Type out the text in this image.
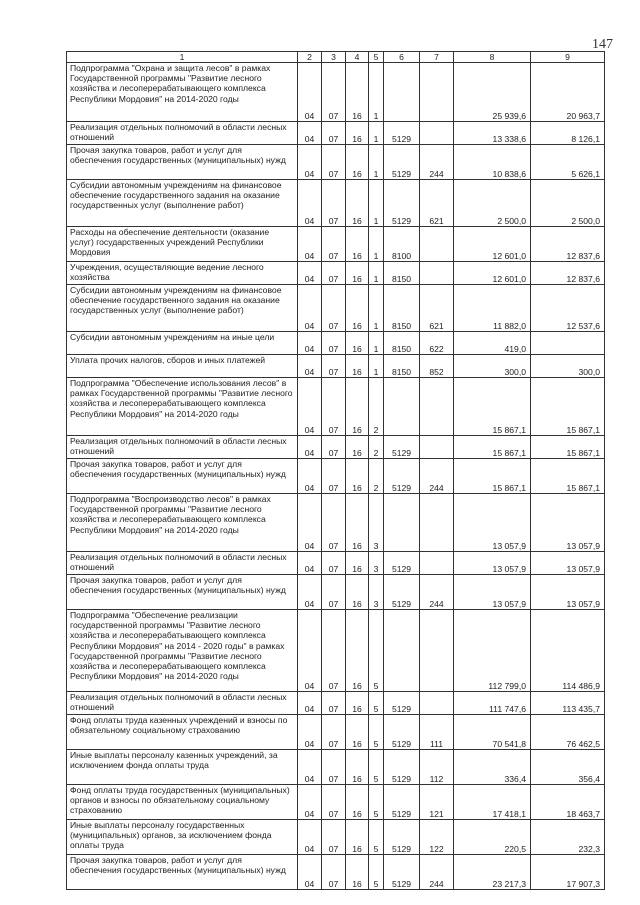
147
1	2	3	4	5	6	7	8	9
Подпрограмма "Охрана и защита лесов" в рамках Государственной программы "Развитие лесного хозяйства и лесоперерабатывающего комплекса Республики Мордовия" на 2014-2020 годы	04	07	16	1			25 939,6	20 963,7
Реализация отдельных полномочий в области лесных отношений	04	07	16	1	5129		13 338,6	8 126,1
Прочая закупка товаров, работ и услуг для обеспечения государственных (муниципальных) нужд	04	07	16	1	5129	244	10 838,6	5 626,1
Субсидии автономным учреждениям на финансовое обеспечение государственного задания на оказание государственных услуг (выполнение работ)	04	07	16	1	5129	621	2 500,0	2 500,0
Расходы на обеспечение деятельности (оказание услуг) государственных учреждений Республики Мордовия	04	07	16	1	8100		12 601,0	12 837,6
Учреждения, осуществляющие ведение лесного хозяйства	04	07	16	1	8150		12 601,0	12 837,6
Субсидии автономным учреждениям на финансовое обеспечение государственного задания на оказание государственных услуг (выполнение работ)	04	07	16	1	8150	621	11 882,0	12 537,6
Субсидии автономным учреждениям на иные цели	04	07	16	1	8150	622	419,0	
Уплата прочих налогов, сборов и иных платежей	04	07	16	1	8150	852	300,0	300,0
Подпрограмма "Обеспечение использования лесов" в рамках Государственной программы "Развитие лесного хозяйства и лесоперерабатывающего комплекса Республики Мордовия" на 2014-2020 годы	04	07	16	2			15 867,1	15 867,1
Реализация отдельных полномочий в области лесных отношений	04	07	16	2	5129		15 867,1	15 867,1
Прочая закупка товаров, работ и услуг для обеспечения государственных (муниципальных) нужд	04	07	16	2	5129	244	15 867,1	15 867,1
Подпрограмма "Воспроизводство лесов" в рамках Государственной программы "Развитие лесного хозяйства и лесоперерабатывающего комплекса Республики Мордовия" на 2014-2020 годы	04	07	16	3			13 057,9	13 057,9
Реализация отдельных полномочий в области лесных отношений	04	07	16	3	5129		13 057,9	13 057,9
Прочая закупка товаров, работ и услуг для обеспечения государственных (муниципальных) нужд	04	07	16	3	5129	244	13 057,9	13 057,9
Подпрограмма "Обеспечение реализации государственной программы "Развитие лесного хозяйства и лесоперерабатывающего комплекса Республики Мордовия" на 2014 - 2020 годы" в рамках Государственной программы "Развитие лесного хозяйства и лесоперерабатывающего комплекса Республики Мордовия" на 2014-2020 годы	04	07	16	5			112 799,0	114 486,9
Реализация отдельных полномочий в области лесных отношений	04	07	16	5	5129		111 747,6	113 435,7
Фонд оплаты труда казенных учреждений и взносы по обязательному социальному страхованию	04	07	16	5	5129	111	70 541,8	76 462,5
Иные выплаты персоналу казенных учреждений, за исключением фонда оплаты труда	04	07	16	5	5129	112	336,4	356,4
Фонд оплаты труда государственных (муниципальных) органов и взносы по обязательному социальному страхованию	04	07	16	5	5129	121	17 418,1	18 463,7
Иные выплаты персоналу государственных (муниципальных) органов, за исключением фонда оплаты труда	04	07	16	5	5129	122	220,5	232,3
Прочая закупка товаров, работ и услуг для обеспечения государственных (муниципальных) нужд	04	07	16	5	5129	244	23 217,3	17 907,3
·
